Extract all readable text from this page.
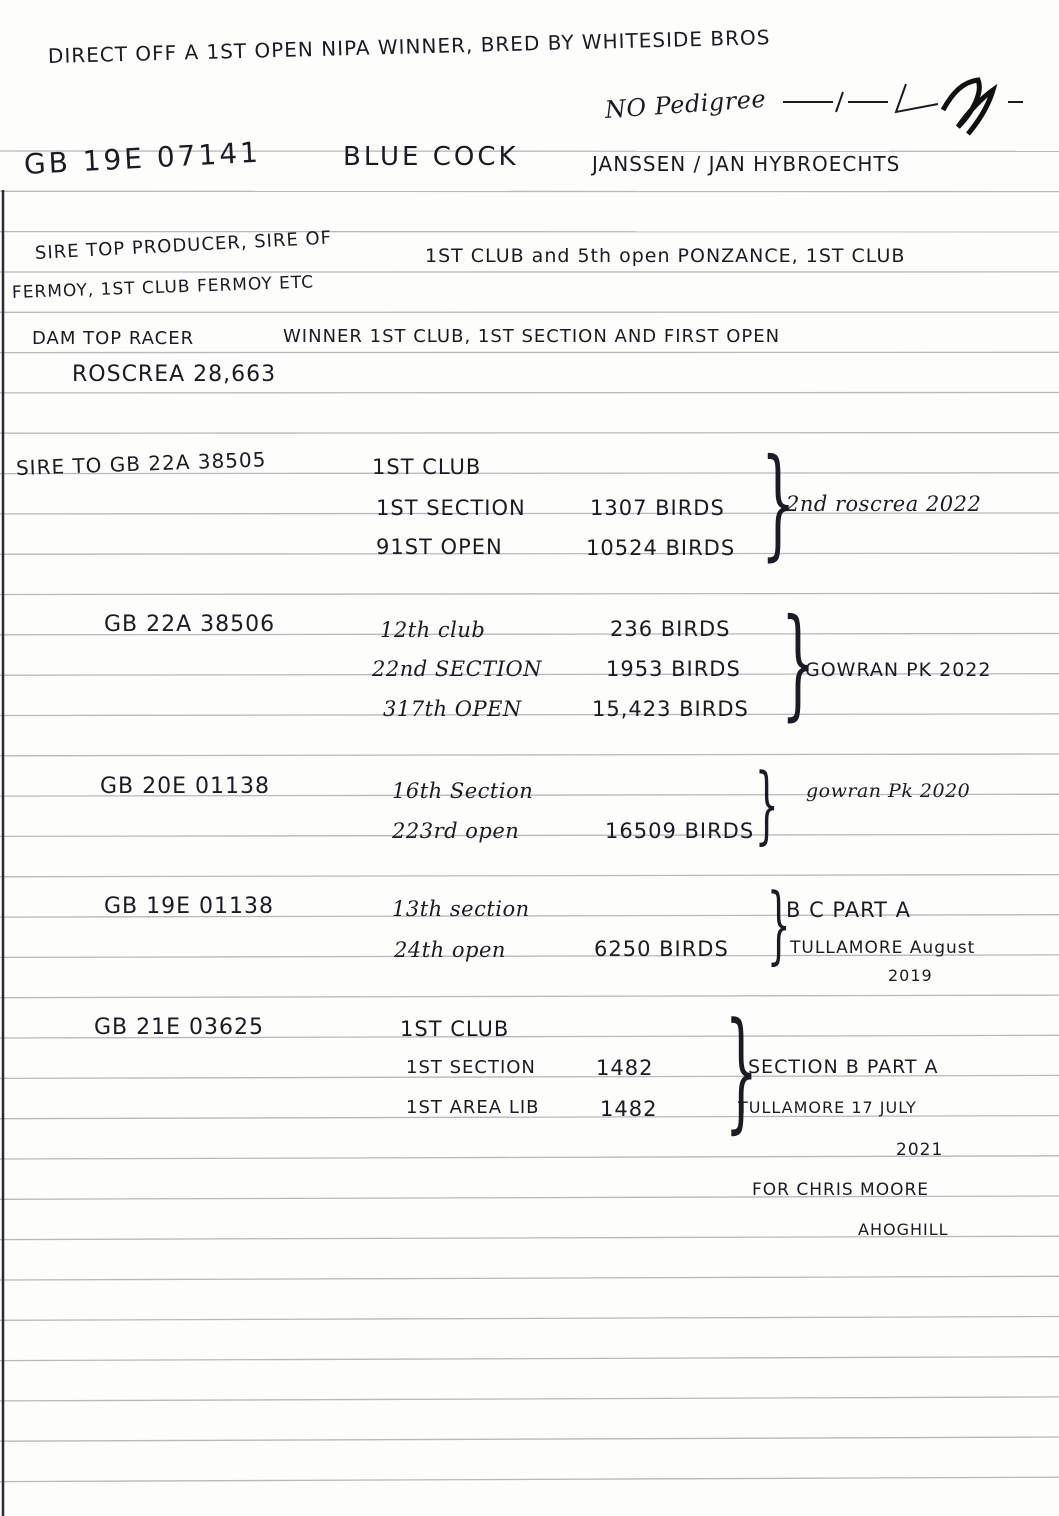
DIRECT OFF A 1ST OPEN NIPA WINNER, BRED BY WHITESIDE BROS
NO Pedigree
GB 19E 07141	BLUE COCK	JANSSEN / JAN HYBROECHTS
SIRE TOP PRODUCER, SIRE OF	1ST CLUB and 5th open PONZANCE, 1ST CLUB
FERMOY, 1ST CLUB FERMOY ETC
DAM TOP RACER	WINNER 1ST CLUB, 1ST SECTION AND FIRST OPEN
ROSCREA 28,663
SIRE TO GB 22A 38505	1ST CLUB
1ST SECTION	1307 BIRDS
91ST OPEN	10524 BIRDS }
2nd roscrea 2022
GB 22A 38506	12th club	236 BIRDS
22nd SECTION	1953 BIRDS
317th OPEN	15,423 BIRDS }
GOWRAN PK 2022
GB 20E 01138	16th Section
223rd open	16509 BIRDS } gowran Pk 2020
GB 19E 01138	13th section
24th open	6250 BIRDS }
B C PART A
TULLAMORE August
2019
GB 21E 03625	1ST CLUB
1ST SECTION	1482
1ST AREA LIB	1482 }
SECTION B PART A
TULLAMORE 17 JULY
2021
FOR CHRIS MOORE
AHOGHILL
